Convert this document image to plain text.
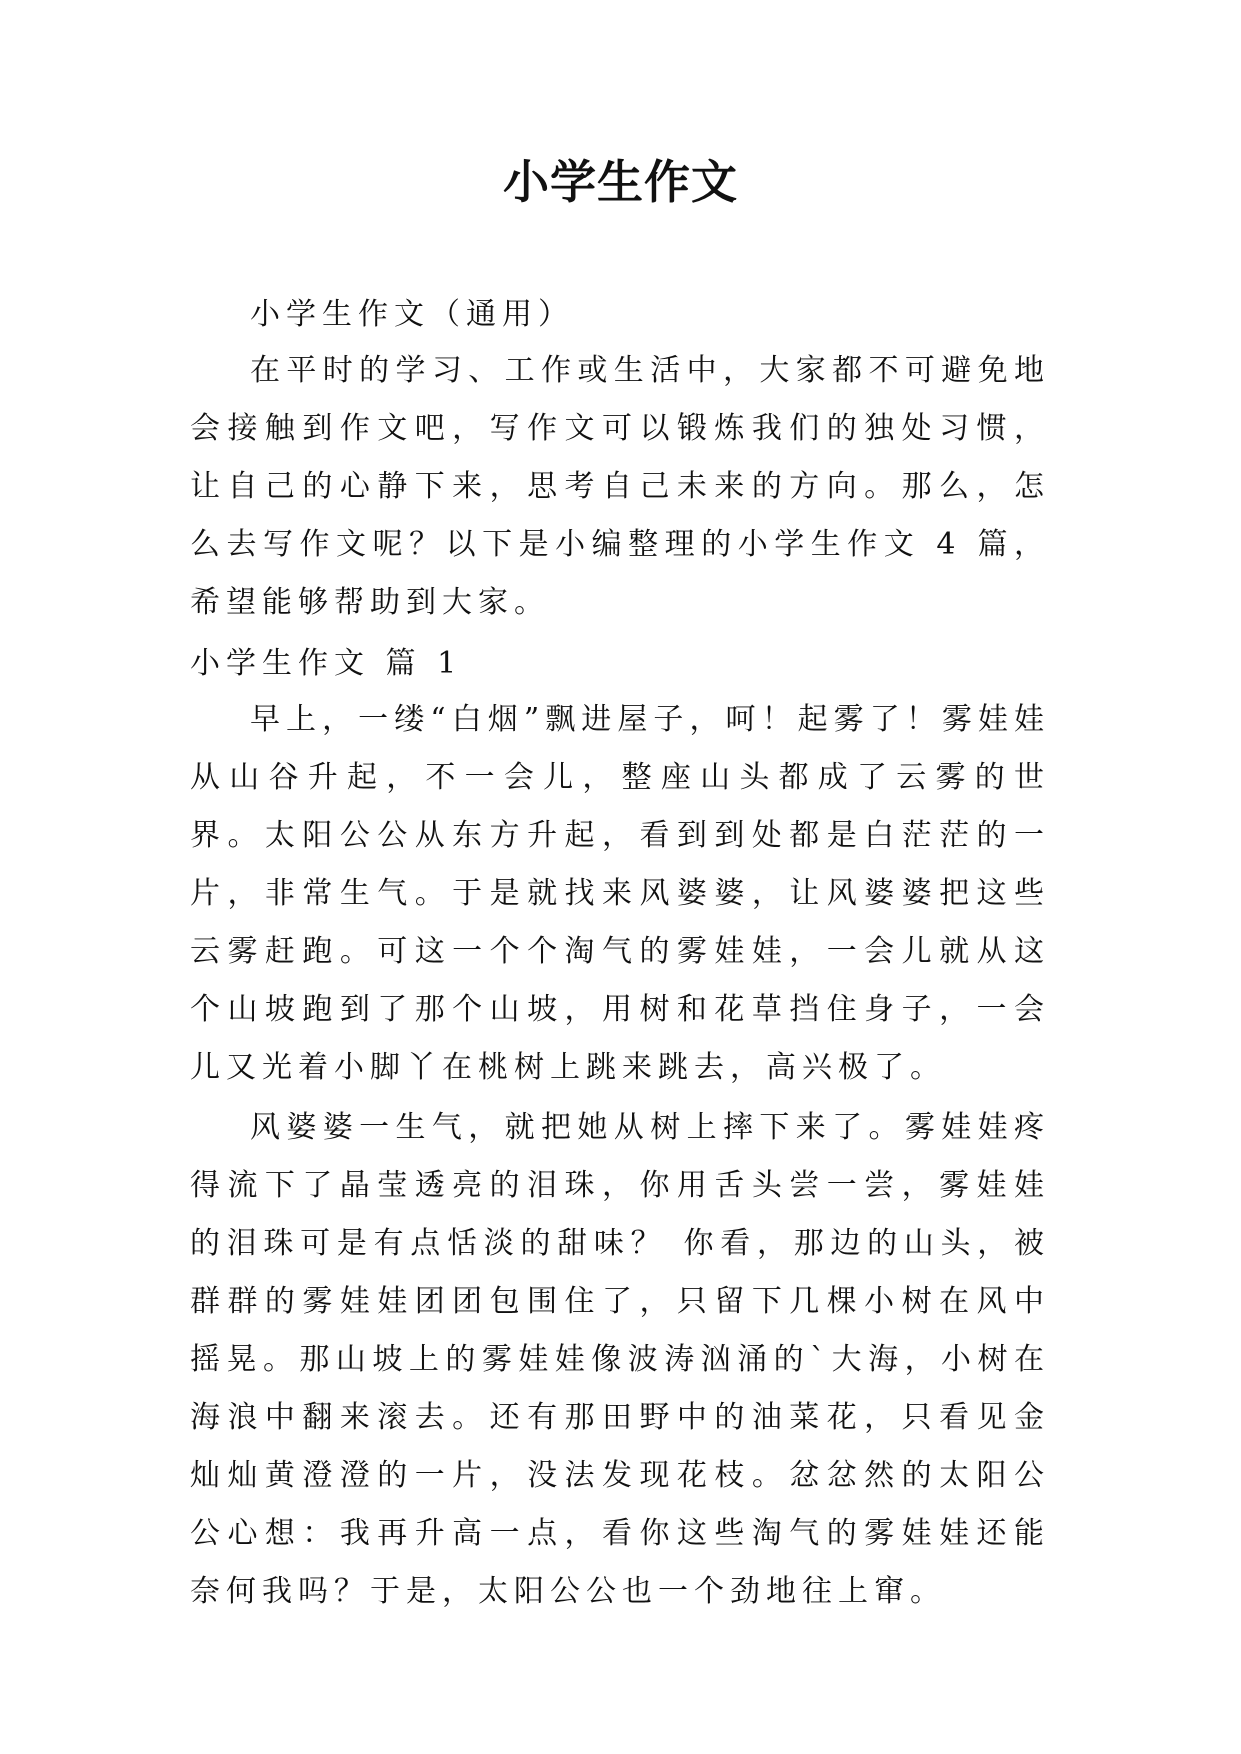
小学生作文

小学生作文（通用）

在平时的学习、工作或生活中，大家都不可避免地会接触到作文吧，写作文可以锻炼我们的独处习惯，让自己的心静下来，思考自己未来的方向。那么，怎么去写作文呢？以下是小编整理的小学生作文 4 篇，希望能够帮助到大家。

小学生作文 篇 1

早上，一缕“白烟”飘进屋子，呵！起雾了！雾娃娃从山谷升起，不一会儿，整座山头都成了云雾的世界。太阳公公从东方升起，看到到处都是白茫茫的一片，非常生气。于是就找来风婆婆，让风婆婆把这些云雾赶跑。可这一个个淘气的雾娃娃，一会儿就从这个山坡跑到了那个山坡，用树和花草挡住身子，一会儿又光着小脚丫在桃树上跳来跳去，高兴极了。

风婆婆一生气，就把她从树上摔下来了。雾娃娃疼得流下了晶莹透亮的泪珠，你用舌头尝一尝，雾娃娃的泪珠可是有点恬淡的甜味？ 你看，那边的山头，被群群的雾娃娃团团包围住了，只留下几棵小树在风中摇晃。那山坡上的雾娃娃像波涛汹涌的`大海，小树在海浪中翻来滚去。还有那田野中的油菜花，只看见金灿灿黄澄澄的一片，没法发现花枝。忿忿然的太阳公公心想：我再升高一点，看你这些淘气的雾娃娃还能奈何我吗？于是，太阳公公也一个劲地往上窜。
